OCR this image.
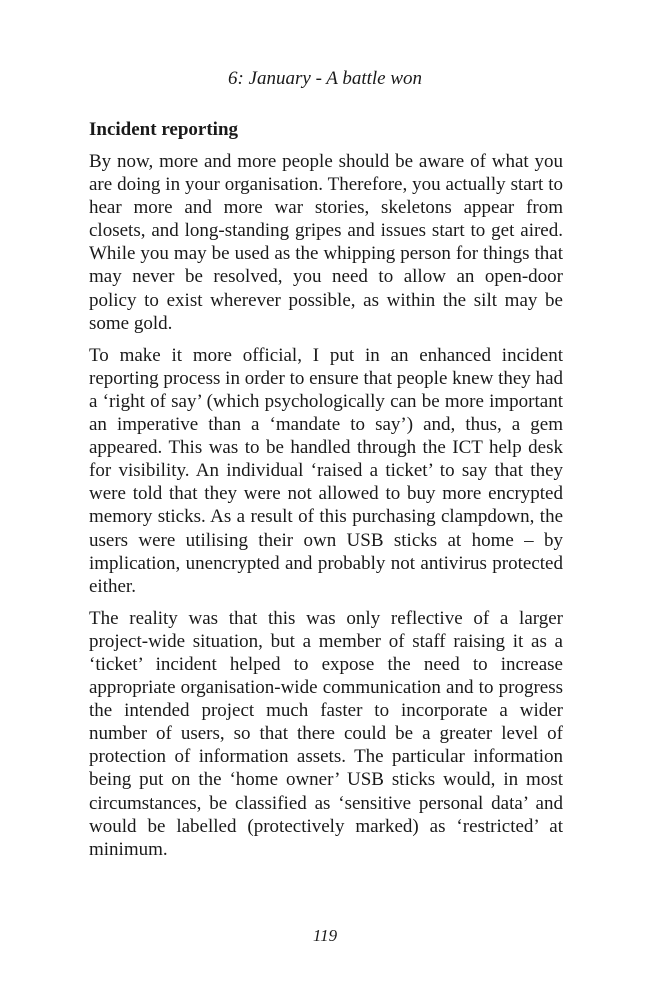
6: January - A battle won
Incident reporting

By now, more and more people should be aware of what you are doing in your organisation. Therefore, you actually start to hear more and more war stories, skeletons appear from closets, and long-standing gripes and issues start to get aired. While you may be used as the whipping person for things that may never be resolved, you need to allow an open-door policy to exist wherever possible, as within the silt may be some gold.

To make it more official, I put in an enhanced incident reporting process in order to ensure that people knew they had a ‘right of say’ (which psychologically can be more important an imperative than a ‘mandate to say’) and, thus, a gem appeared. This was to be handled through the ICT help desk for visibility. An individual ‘raised a ticket’ to say that they were told that they were not allowed to buy more encrypted memory sticks. As a result of this purchasing clampdown, the users were utilising their own USB sticks at home – by implication, unencrypted and probably not antivirus protected either.

The reality was that this was only reflective of a larger project-wide situation, but a member of staff raising it as a ‘ticket’ incident helped to expose the need to increase appropriate organisation-wide communication and to progress the intended project much faster to incorporate a wider number of users, so that there could be a greater level of protection of information assets. The particular information being put on the ‘home owner’ USB sticks would, in most circumstances, be classified as ‘sensitive personal data’ and would be labelled (protectively marked) as ‘restricted’ at minimum.

119
